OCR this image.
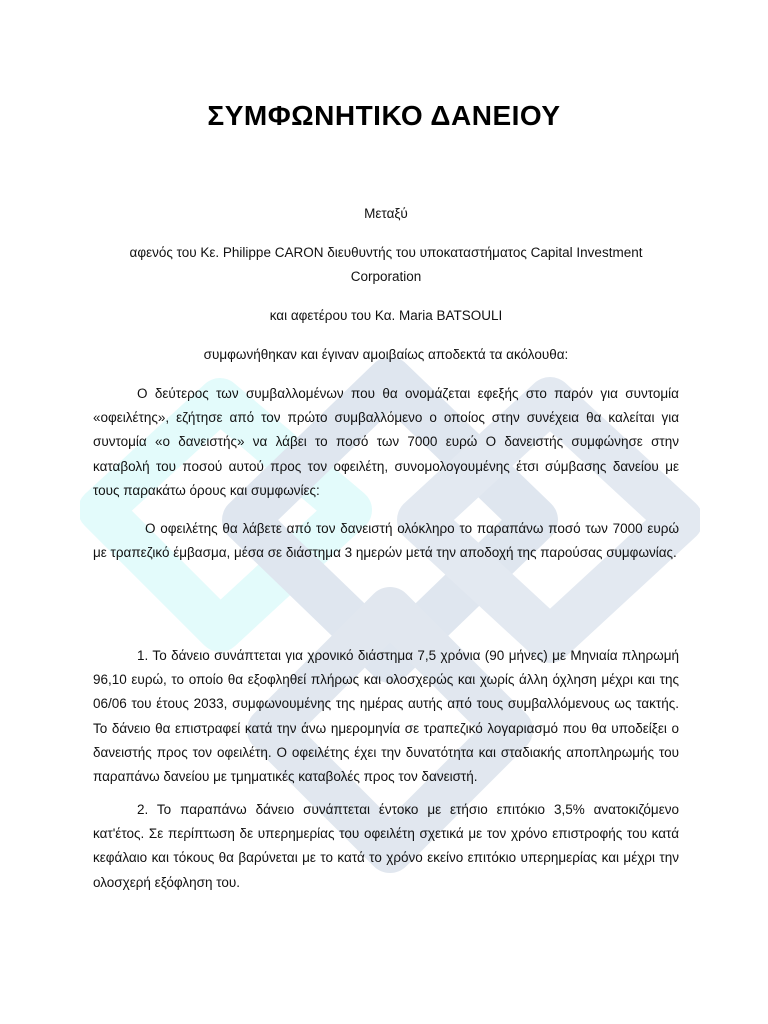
ΣΥΜΦΩΝΗΤΙΚΟ ΔΑΝΕΙΟΥ

Μεταξύ

αφενός του Κε. Philippe CARON διευθυντής του υποκαταστήματος Capital Investment Corporation

και αφετέρου του Κα. Maria BATSOULI

συμφωνήθηκαν και έγιναν αμοιβαίως αποδεκτά τα ακόλουθα:

Ο δεύτερος των συμβαλλομένων που θα ονομάζεται εφεξής στο παρόν για συντομία «οφειλέτης», εζήτησε από τον πρώτο συμβαλλόμενο ο οποίος στην συνέχεια θα καλείται για συντομία «ο δανειστής» να λάβει το ποσό των 7000 ευρώ Ο δανειστής συμφώνησε στην καταβολή του ποσού αυτού προς τον οφειλέτη, συνομολογουμένης έτσι σύμβασης δανείου με τους παρακάτω όρους και συμφωνίες:

Ο οφειλέτης θα λάβετε από τον δανειστή ολόκληρο το παραπάνω ποσό των 7000 ευρώ με τραπεζικό έμβασμα, μέσα σε διάστημα 3 ημερών μετά την αποδοχή της παρούσας συμφωνίας.

1. Το δάνειο συνάπτεται για χρονικό διάστημα 7,5 χρόνια (90 μήνες) με Μηνιαία πληρωμή 96,10 ευρώ, το οποίο θα εξοφληθεί πλήρως και ολοσχερώς και χωρίς άλλη όχληση μέχρι και της 06/06 του έτους 2033, συμφωνουμένης της ημέρας αυτής από τους συμβαλλόμενους ως τακτής. Το δάνειο θα επιστραφεί κατά την άνω ημερομηνία σε τραπεζικό λογαριασμό που θα υποδείξει ο δανειστής προς τον οφειλέτη. Ο οφειλέτης έχει την δυνατότητα και σταδιακής αποπληρωμής του παραπάνω δανείου με τμηματικές καταβολές προς τον δανειστή.

2. Το παραπάνω δάνειο συνάπτεται έντοκο με ετήσιο επιτόκιο 3,5% ανατοκιζόμενο κατ'έτος. Σε περίπτωση δε υπερημερίας του οφειλέτη σχετικά με τον χρόνο επιστροφής του κατά κεφάλαιο και τόκους θα βαρύνεται με το κατά το χρόνο εκείνο επιτόκιο υπερημερίας και μέχρι την ολοσχερή εξόφληση του.
